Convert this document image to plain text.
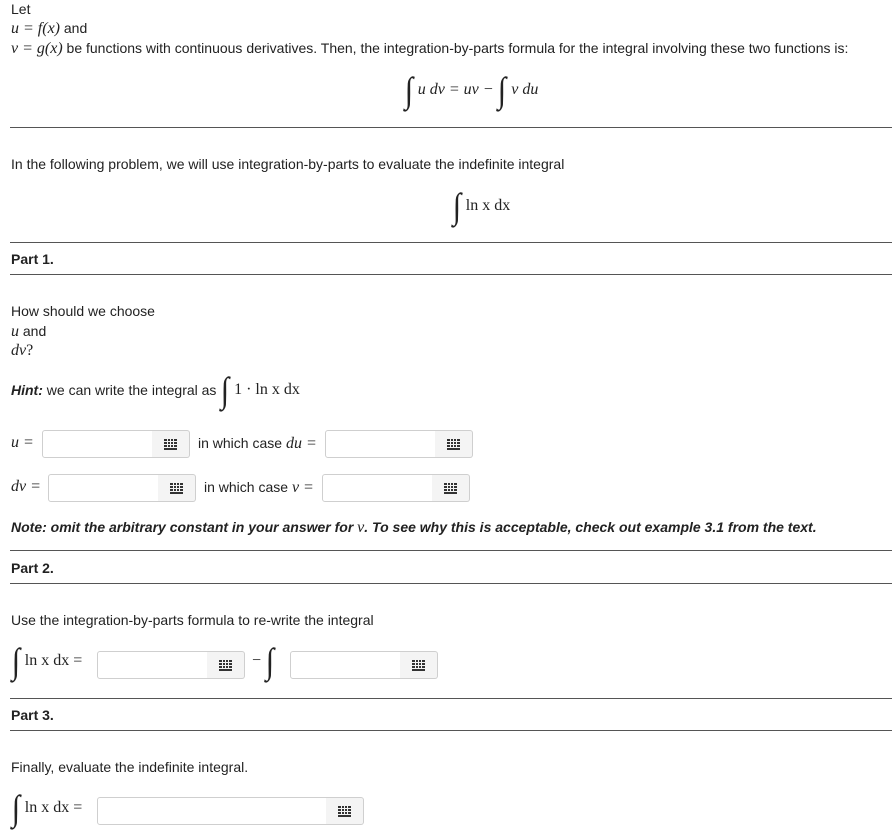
Let
u = f(x) and
v = g(x) be functions with continuous derivatives. Then, the integration-by-parts formula for the integral involving these two functions is:
∫ u dv = uv − ∫ v du
In the following problem, we will use integration-by-parts to evaluate the indefinite integral
∫ ln x dx
Part 1.
How should we choose
u and
dv?
Hint: we can write the integral as ∫ 1 · ln x dx
u =	in which case du =
dv =	in which case v =
Note: omit the arbitrary constant in your answer for v. To see why this is acceptable, check out example 3.1 from the text.
Part 2.
Use the integration-by-parts formula to re-write the integral
∫ ln x dx =	− ∫
Part 3.
Finally, evaluate the indefinite integral.
∫ ln x dx =
